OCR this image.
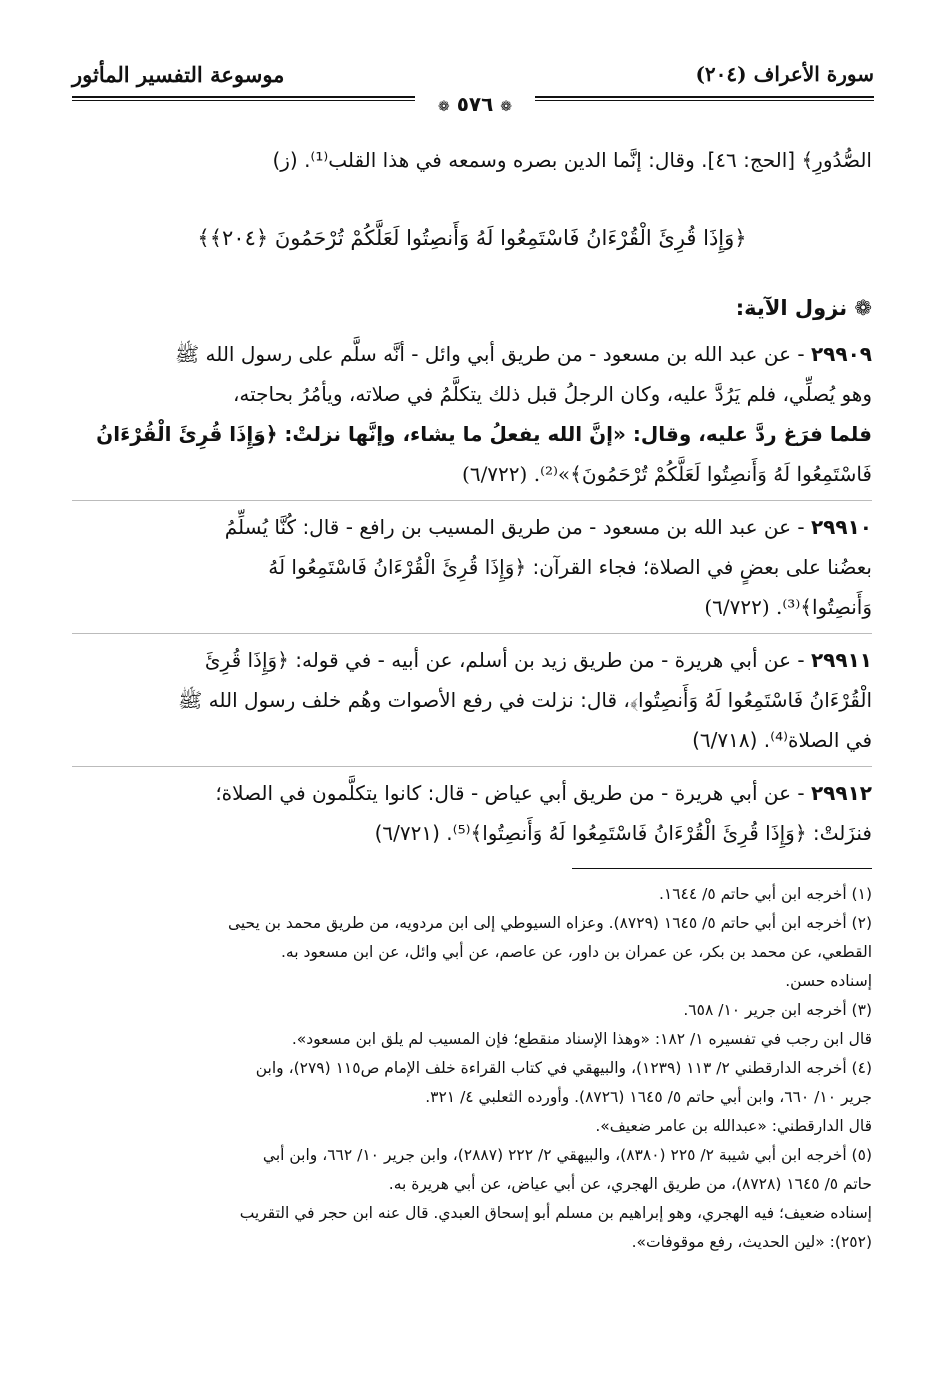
سورة الأعراف (٢٠٤)
موسوعة التفسير المأثور
❁ ٥٧٦ ❁
الصُّدُورِ﴾ [الحج: ٤٦]. وقال: إنَّما الدين بصره وسمعه في هذا القلب⁽¹⁾. (ز)
﴿وَإِذَا قُرِئَ الْقُرْءَانُ فَاسْتَمِعُوا لَهُ وَأَنصِتُوا لَعَلَّكُمْ تُرْحَمُونَ ﴿٢٠٤﴾﴾
❁ نزول الآية:
٢٩٩٠٩ - عن عبد الله بن مسعود - من طريق أبي وائل - أنَّه سلَّم على رسول الله ﷺ
وهو يُصلِّي، فلم يَرُدَّ عليه، وكان الرجلُ قبل ذلك يتكلَّمُ في صلاته، ويأمُرُ بحاجته،
فلما فرَغ ردَّ عليه، وقال: «إنَّ الله يفعلُ ما يشاء، وإنَّها نزلتْ: ﴿وَإِذَا قُرِئَ الْقُرْءَانُ
فَاسْتَمِعُوا لَهُ وَأَنصِتُوا لَعَلَّكُمْ تُرْحَمُونَ﴾»⁽²⁾. (٦/٧٢٢)
٢٩٩١٠ - عن عبد الله بن مسعود - من طريق المسيب بن رافع - قال: كُنَّا يُسلِّمُ
بعضُنا على بعضٍ في الصلاة؛ فجاء القرآن: ﴿وَإِذَا قُرِئَ الْقُرْءَانُ فَاسْتَمِعُوا لَهُ
وَأَنصِتُوا﴾⁽³⁾. (٦/٧٢٢)
٢٩٩١١ - عن أبي هريرة - من طريق زيد بن أسلم، عن أبيه - في قوله: ﴿وَإِذَا قُرِئَ
الْقُرْءَانُ فَاسْتَمِعُوا لَهُ وَأَنصِتُوا﴾، قال: نزلت في رفع الأصوات وهُم خلف رسول الله ﷺ
في الصلاة⁽⁴⁾. (٦/٧١٨)
٢٩٩١٢ - عن أبي هريرة - من طريق أبي عياض - قال: كانوا يتكلَّمون في الصلاة؛
فنزَلتْ: ﴿وَإِذَا قُرِئَ الْقُرْءَانُ فَاسْتَمِعُوا لَهُ وَأَنصِتُوا﴾⁽⁵⁾. (٦/٧٢١)
(١) أخرجه ابن أبي حاتم ٥/ ١٦٤٤.
(٢) أخرجه ابن أبي حاتم ٥/ ١٦٤٥ (٨٧٢٩). وعزاه السيوطي إلى ابن مردويه، من طريق محمد بن يحيى
القطعي، عن محمد بن بكر، عن عمران بن داور، عن عاصم، عن أبي وائل، عن ابن مسعود به.
إسناده حسن.
(٣) أخرجه ابن جرير ١٠/ ٦٥٨.
قال ابن رجب في تفسيره ١/ ١٨٢: «وهذا الإسناد منقطع؛ فإن المسيب لم يلق ابن مسعود».
(٤) أخرجه الدارقطني ٢/ ١١٣ (١٢٣٩)، والبيهقي في كتاب القراءة خلف الإمام ص١١٥ (٢٧٩)، وابن
جرير ١٠/ ٦٦٠، وابن أبي حاتم ٥/ ١٦٤٥ (٨٧٢٦). وأورده الثعلبي ٤/ ٣٢١.
قال الدارقطني: «عبدالله بن عامر ضعيف».
(٥) أخرجه ابن أبي شيبة ٢/ ٢٢٥ (٨٣٨٠)، والبيهقي ٢/ ٢٢٢ (٢٨٨٧)، وابن جرير ١٠/ ٦٦٢، وابن أبي
حاتم ٥/ ١٦٤٥ (٨٧٢٨)، من طريق الهجري، عن أبي عياض، عن أبي هريرة به.
إسناده ضعيف؛ فيه الهجري، وهو إبراهيم بن مسلم أبو إسحاق العبدي. قال عنه ابن حجر في التقريب
(٢٥٢): «لين الحديث، رفع موقوفات».
